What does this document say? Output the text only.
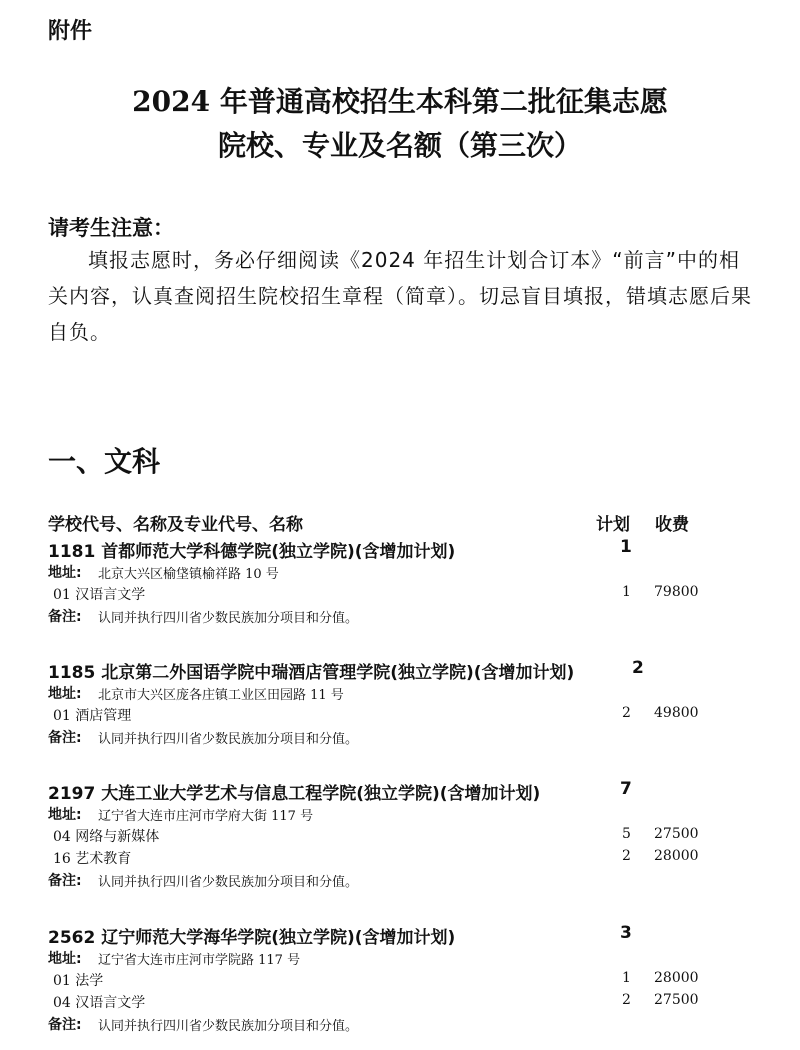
附件
2024 年普通高校招生本科第二批征集志愿
院校、专业及名额（第三次）
请考生注意：

填报志愿时，务必仔细阅读《2024 年招生计划合订本》“前言”中的相关内容，认真查阅招生院校招生章程（简章）。切忌盲目填报，错填志愿后果自负。

一、文科
学校代号、名称及专业代号、名称	计划 收费
1181 首都师范大学科德学院(独立学院)(含增加计划)	1
地址: 北京大兴区榆垡镇榆祥路 10 号
01 汉语言文学	1 79800
备注: 认同并执行四川省少数民族加分项目和分值。
1185 北京第二外国语学院中瑞酒店管理学院(独立学院)(含增加计划)	2
地址: 北京市大兴区庞各庄镇工业区田园路 11 号
01 酒店管理	2 49800
备注: 认同并执行四川省少数民族加分项目和分值。
2197 大连工业大学艺术与信息工程学院(独立学院)(含增加计划)	7
地址: 辽宁省大连市庄河市学府大街 117 号
04 网络与新媒体	5 27500
16 艺术教育	2 28000
备注: 认同并执行四川省少数民族加分项目和分值。
2562 辽宁师范大学海华学院(独立学院)(含增加计划)	3
地址: 辽宁省大连市庄河市学院路 117 号
01 法学	1 28000
04 汉语言文学	2 27500
备注: 认同并执行四川省少数民族加分项目和分值。
